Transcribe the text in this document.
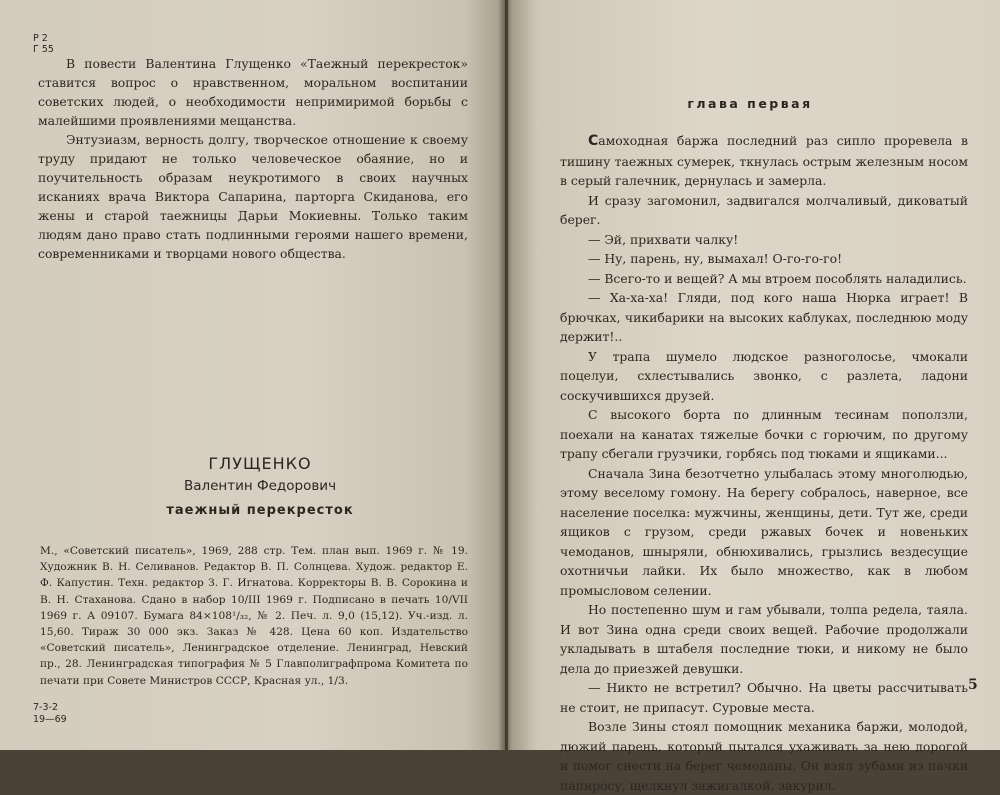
Р 2
Г 55

В повести Валентина Глущенко «Таежный перекресток» ставится вопрос о нравственном, моральном воспитании советских людей, о необходимости непримиримой борьбы с малейшими проявлениями мещанства.

Энтузиазм, верность долгу, творческое отношение к своему труду придают не только человеческое обаяние, но и поучительность образам неукротимого в своих научных исканиях врача Виктора Сапарина, парторга Скиданова, его жены и старой таежницы Дарьи Мокиевны. Только таким людям дано право стать подлинными героями нашего времени, современниками и творцами нового общества.

ГЛУЩЕНКО
Валентин Федорович
таежный перекресток

М., «Советский писатель», 1969, 288 стр. Тем. план вып. 1969 г. № 19. Художник В. Н. Селиванов. Редактор В. П. Солнцева. Худож. редактор Е. Ф. Капустин. Техн. редактор З. Г. Игнатова. Корректоры В. В. Сорокина и В. Н. Стаханова. Сдано в набор 10/III 1969 г. Подписано в печать 10/VII 1969 г. А 09107. Бумага 84×108¹/₃₂, № 2. Печ. л. 9,0 (15,12). Уч.-изд. л. 15,60. Тираж 30 000 экз. Заказ № 428. Цена 60 коп. Издательство «Советский писатель», Ленинградское отделение. Ленинград, Невский пр., 28. Ленинградская типография № 5 Главполиграфпрома Комитета по печати при Совете Министров СССР, Красная ул., 1/3.

7-3-2
19—69
глава первая

Самоходная баржа последний раз сипло проревела в тишину таежных сумерек, ткнулась острым железным носом в серый галечник, дернулась и замерла.

И сразу загомонил, задвигался молчаливый, диковатый берег.

— Эй, прихвати чалку!

— Ну, парень, ну, вымахал! О-го-го-го!

— Всего-то и вещей? А мы втроем пособлять наладились.

— Ха-ха-ха! Гляди, под кого наша Нюрка играет! В брючках, чикибарики на высоких каблуках, последнюю моду держит!..

У трапа шумело людское разноголосье, чмокали поцелуи, схлестывались звонко, с разлета, ладони соскучившихся друзей.

С высокого борта по длинным тесинам поползли, поехали на канатах тяжелые бочки с горючим, по другому трапу сбегали грузчики, горбясь под тюками и ящиками...

Сначала Зина безотчетно улыбалась этому многолюдью, этому веселому гомону. На берегу собралось, наверное, все население поселка: мужчины, женщины, дети. Тут же, среди ящиков с грузом, среди ржавых бочек и новеньких чемоданов, шныряли, обнюхивались, грызлись вездесущие охотничьи лайки. Их было множество, как в любом промысловом селении.

Но постепенно шум и гам убывали, толпа редела, таяла. И вот Зина одна среди своих вещей. Рабочие продолжали укладывать в штабеля последние тюки, и никому не было дела до приезжей девушки.

— Никто не встретил? Обычно. На цветы рассчитывать не стоит, не припасут. Суровые места.

Возле Зины стоял помощник механика баржи, молодой, дюжий парень, который пытался ухаживать за нею дорогой и помог снести на берег чемоданы. Он взял зубами из пачки папиросу, щелкнул зажигалкой, закурил.

5
